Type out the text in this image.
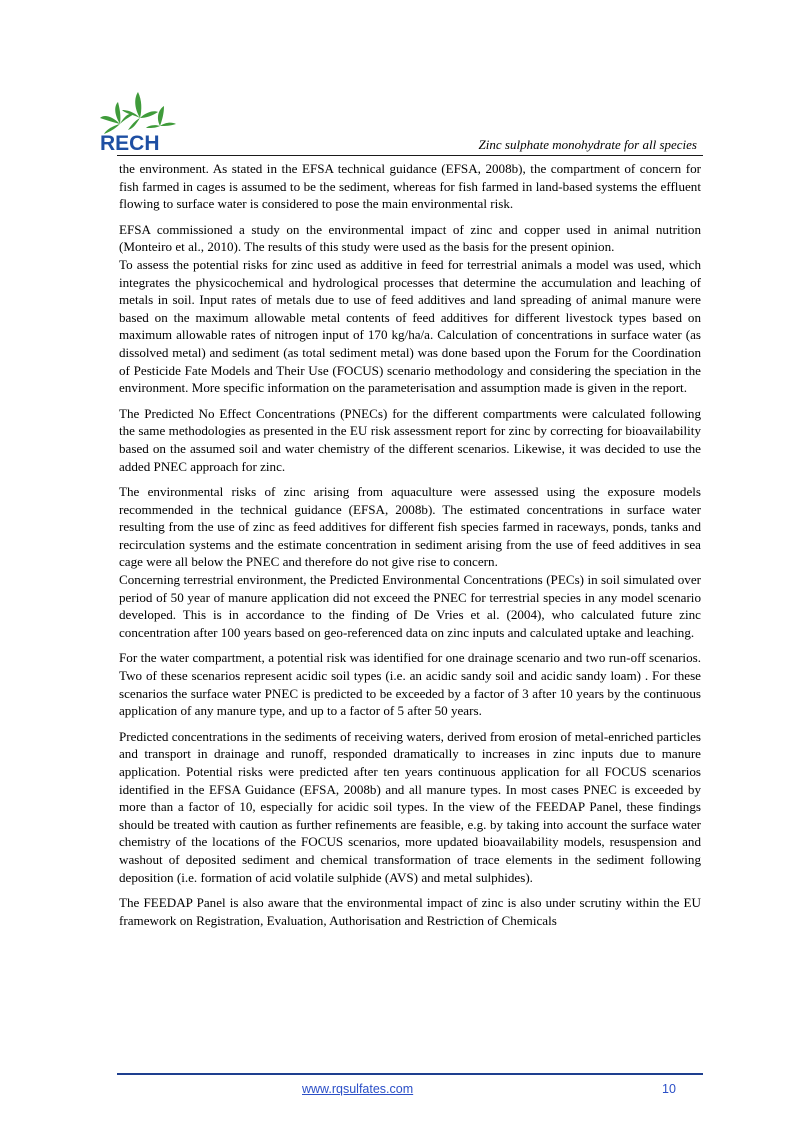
RECH	Zinc sulphate monohydrate for all species

the environment. As stated in the EFSA technical guidance (EFSA, 2008b), the compartment of concern for fish farmed in cages is assumed to be the sediment, whereas for fish farmed in land-based systems the effluent flowing to surface water is considered to pose the main environmental risk.

EFSA commissioned a study on the environmental impact of zinc and copper used in animal nutrition (Monteiro et al., 2010). The results of this study were used as the basis for the present opinion.

To assess the potential risks for zinc used as additive in feed for terrestrial animals a model was used, which integrates the physicochemical and hydrological processes that determine the accumulation and leaching of metals in soil. Input rates of metals due to use of feed additives and land spreading of animal manure were based on the maximum allowable metal contents of feed additives for different livestock types based on maximum allowable rates of nitrogen input of 170 kg/ha/a. Calculation of concentrations in surface water (as dissolved metal) and sediment (as total sediment metal) was done based upon the Forum for the Coordination of Pesticide Fate Models and Their Use (FOCUS) scenario methodology and considering the speciation in the environment. More specific information on the parameterisation and assumption made is given in the report.

The Predicted No Effect Concentrations (PNECs) for the different compartments were calculated following the same methodologies as presented in the EU risk assessment report for zinc by correcting for bioavailability based on the assumed soil and water chemistry of the different scenarios. Likewise, it was decided to use the added PNEC approach for zinc.

The environmental risks of zinc arising from aquaculture were assessed using the exposure models recommended in the technical guidance (EFSA, 2008b). The estimated concentrations in surface water resulting from the use of zinc as feed additives for different fish species farmed in raceways, ponds, tanks and recirculation systems and the estimate concentration in sediment arising from the use of feed additives in sea cage were all below the PNEC and therefore do not give rise to concern.

Concerning terrestrial environment, the Predicted Environmental Concentrations (PECs) in soil simulated over period of 50 year of manure application did not exceed the PNEC for terrestrial species in any model scenario developed. This is in accordance to the finding of De Vries et al. (2004), who calculated future zinc concentration after 100 years based on geo-referenced data on zinc inputs and calculated uptake and leaching.

For the water compartment, a potential risk was identified for one drainage scenario and two run-off scenarios. Two of these scenarios represent acidic soil types (i.e. an acidic sandy soil and acidic sandy loam) . For these scenarios the surface water PNEC is predicted to be exceeded by a factor of 3 after 10 years by the continuous application of any manure type, and up to a factor of 5 after 50 years.

Predicted concentrations in the sediments of receiving waters, derived from erosion of metal-enriched particles and transport in drainage and runoff, responded dramatically to increases in zinc inputs due to manure application. Potential risks were predicted after ten years continuous application for all FOCUS scenarios identified in the EFSA Guidance (EFSA, 2008b) and all manure types. In most cases PNEC is exceeded by more than a factor of 10, especially for acidic soil types. In the view of the FEEDAP Panel, these findings should be treated with caution as further refinements are feasible, e.g. by taking into account the surface water chemistry of the locations of the FOCUS scenarios, more updated bioavailability models, resuspension and washout of deposited sediment and chemical transformation of trace elements in the sediment following deposition (i.e. formation of acid volatile sulphide (AVS) and metal sulphides).

The FEEDAP Panel is also aware that the environmental impact of zinc is also under scrutiny within the EU framework on Registration, Evaluation, Authorisation and Restriction of Chemicals

www.rqsulfates.com	10
